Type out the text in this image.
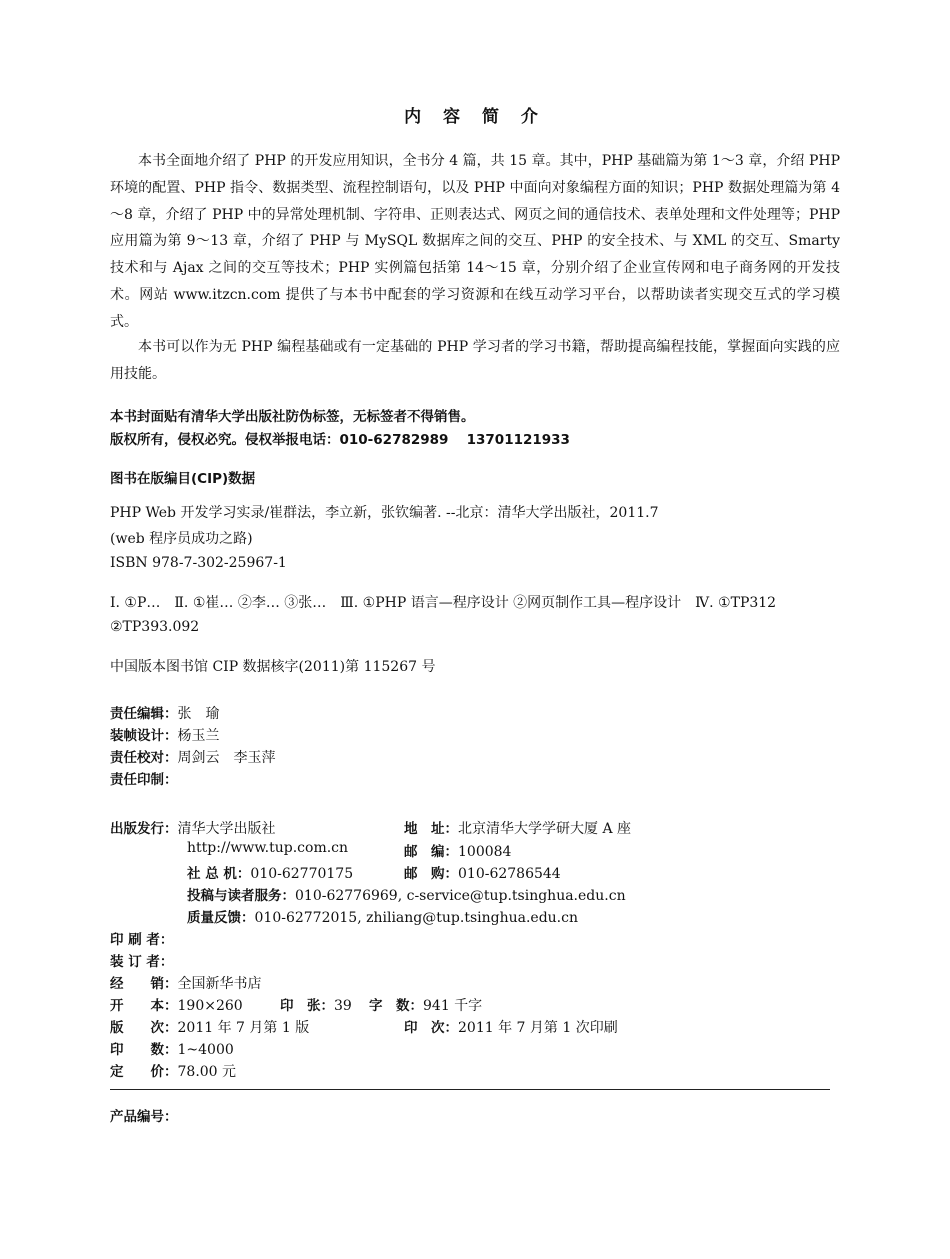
内 容 简 介
本书全面地介绍了 PHP 的开发应用知识，全书分 4 篇，共 15 章。其中，PHP 基础篇为第 1～3 章，介绍 PHP 环境的配置、PHP 指令、数据类型、流程控制语句，以及 PHP 中面向对象编程方面的知识；PHP 数据处理篇为第 4～8 章，介绍了 PHP 中的异常处理机制、字符串、正则表达式、网页之间的通信技术、表单处理和文件处理等；PHP 应用篇为第 9～13 章，介绍了 PHP 与 MySQL 数据库之间的交互、PHP 的安全技术、与 XML 的交互、Smarty 技术和与 Ajax 之间的交互等技术；PHP 实例篇包括第 14～15 章，分别介绍了企业宣传网和电子商务网的开发技术。网站 www.itzcn.com 提供了与本书中配套的学习资源和在线互动学习平台，以帮助读者实现交互式的学习模式。
本书可以作为无 PHP 编程基础或有一定基础的 PHP 学习者的学习书籍，帮助提高编程技能，掌握面向实践的应用技能。
本书封面贴有清华大学出版社防伪标签，无标签者不得销售。
版权所有，侵权必究。侵权举报电话：010-62782989　 13701121933
图书在版编目(CIP)数据
PHP Web 开发学习实录/崔群法，李立新，张钦编著. --北京：清华大学出版社，2011.7
(web 程序员成功之路)
ISBN 978-7-302-25967-1
Ⅰ. ①P…　Ⅱ. ①崔… ②李… ③张…　Ⅲ. ①PHP 语言—程序设计 ②网页制作工具—程序设计　Ⅳ. ①TP312
②TP393.092
中国版本图书馆 CIP 数据核字(2011)第 115267 号
责任编辑：张　瑜
装帧设计：杨玉兰
责任校对：周剑云　李玉萍
责任印制：
出版发行：清华大学出版社	地　址：北京清华大学学研大厦 A 座
http://www.tup.com.cn	邮　编：100084
社 总 机：010-62770175	邮　购：010-62786544
投稿与读者服务：010-62776969, c-service@tup.tsinghua.edu.cn
质量反馈：010-62772015, zhiliang@tup.tsinghua.edu.cn
印 刷 者：
装 订 者：
经　　销：全国新华书店
开　　本：190×260	印　张：39 字　数：941 千字
版　　次：2011 年 7 月第 1 版	印　次：2011 年 7 月第 1 次印刷
印　　数：1~4000
定　　价：78.00 元
产品编号：
